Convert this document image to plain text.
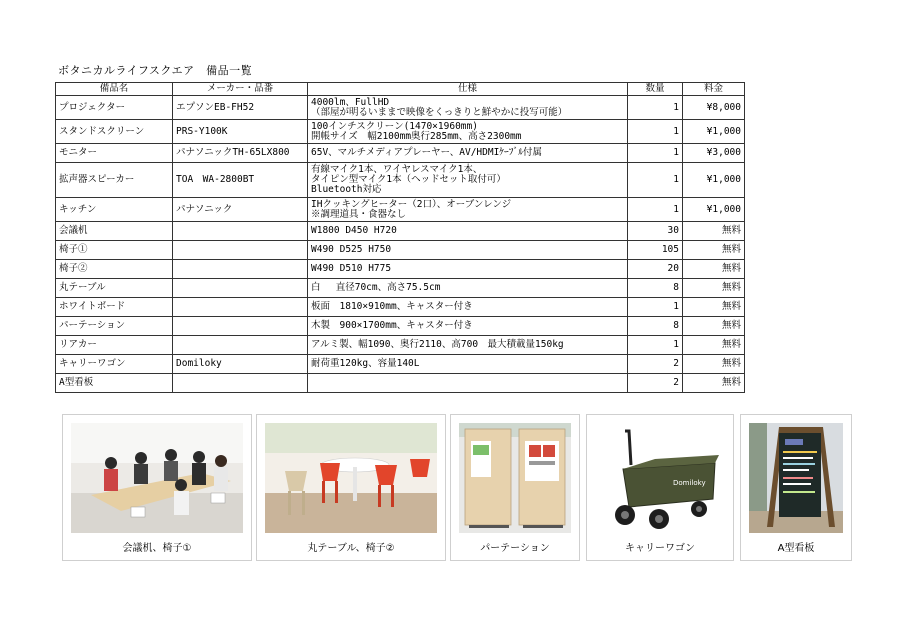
ボタニカルライフスクエア　備品一覧
備品名	メーカー・品番	仕様	数量	料金
プロジェクター	エプソンEB-FH52	4000lm、FullHD
（部屋が明るいままで映像をくっきりと鮮やかに投写可能）	1	¥8,000
スタンドスクリーン	PRS-Y100K	100インチスクリーン(1470×1960mm)
開帳サイズ　幅2100mm奥行285mm、高さ2300mm	1	¥1,000
モニター	パナソニックTH-65LX800	65V、マルチメディアプレーヤー、AV/HDMIｹｰﾌﾞﾙ付属	1	¥3,000
拡声器スピーカー	TOA　WA-2800BT	有線マイク1本、ワイヤレスマイク1本、
タイピン型マイク1本（ヘッドセット取付可）
Bluetooth対応	1	¥1,000
キッチン	パナソニック	IHクッキングヒーター（2口）、オーブンレンジ
※調理道具・食器なし	1	¥1,000
会議机		W1800 D450 H720	30	無料
椅子①		W490 D525 H750	105	無料
椅子②		W490 D510 H775	20	無料
丸テーブル		白　 直径70cm、高さ75.5cm	8	無料
ホワイトボード		板面　1810×910mm、キャスター付き	1	無料
パーテーション		木製　900×1700mm、キャスター付き	8	無料
リアカー		アルミ製、幅1090、奥行2110、高700　最大積載量150kg	1	無料
キャリーワゴン	Domiloky	耐荷重120kg、容量140L	2	無料
A型看板			2	無料
会議机、椅子①	丸テーブル、椅子②	パーテーション
Domiloky
キャリーワゴン	A型看板
